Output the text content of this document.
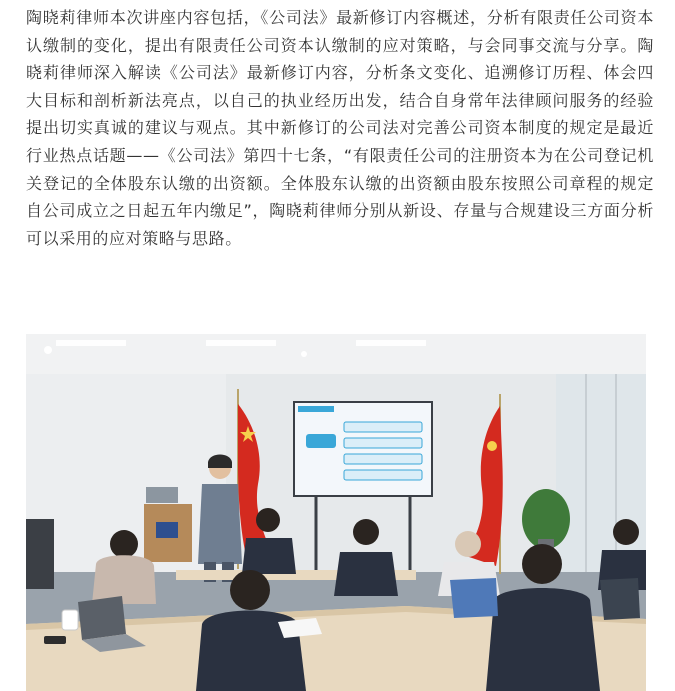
陶晓莉律师本次讲座内容包括，《公司法》最新修订内容概述，分析有限责任公司资本认缴制的变化，提出有限责任公司资本认缴制的应对策略，与会同事交流与分享。陶晓莉律师深入解读《公司法》最新修订内容，分析条文变化、追溯修订历程、体会四大目标和剖析新法亮点，以自己的执业经历出发，结合自身常年法律顾问服务的经验提出切实真诚的建议与观点。其中新修订的公司法对完善公司资本制度的规定是最近行业热点话题——《公司法》第四十七条，“有限责任公司的注册资本为在公司登记机关登记的全体股东认缴的出资额。全体股东认缴的出资额由股东按照公司章程的规定自公司成立之日起五年内缴足”，陶晓莉律师分别从新设、存量与合规建设三方面分析可以采用的应对策略与思路。
